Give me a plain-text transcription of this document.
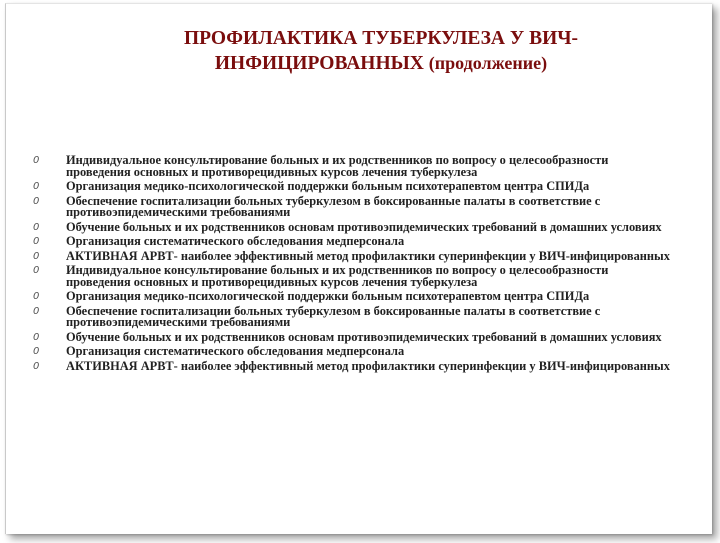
ПРОФИЛАКТИКА ТУБЕРКУЛЕЗА У ВИЧ-
ИНФИЦИРОВАННЫХ (продолжение)
0 Индивидуальное консультирование больных и их родственников по вопросу о целесообразности проведения основных и противорецидивных курсов лечения туберкулеза
0 Организация медико-психологической поддержки больным психотерапевтом центра СПИДа
0 Обеспечение госпитализации больных туберкулезом в боксированные палаты в соответствие с противоэпидемическими требованиями
0 Обучение больных и их родственников основам противоэпидемических требований в домашних условиях
0 Организация систематического обследования медперсонала
0 АКТИВНАЯ АРВТ- наиболее эффективный метод профилактики суперинфекции у ВИЧ-инфицированных
0 Индивидуальное консультирование больных и их родственников по вопросу о целесообразности проведения основных и противорецидивных курсов лечения туберкулеза
0 Организация медико-психологической поддержки больным психотерапевтом центра СПИДа
0 Обеспечение госпитализации больных туберкулезом в боксированные палаты в соответствие с противоэпидемическими требованиями
0 Обучение больных и их родственников основам противоэпидемических требований в домашних условиях
0 Организация систематического обследования медперсонала
0 АКТИВНАЯ АРВТ- наиболее эффективный метод профилактики суперинфекции у ВИЧ-инфицированных
